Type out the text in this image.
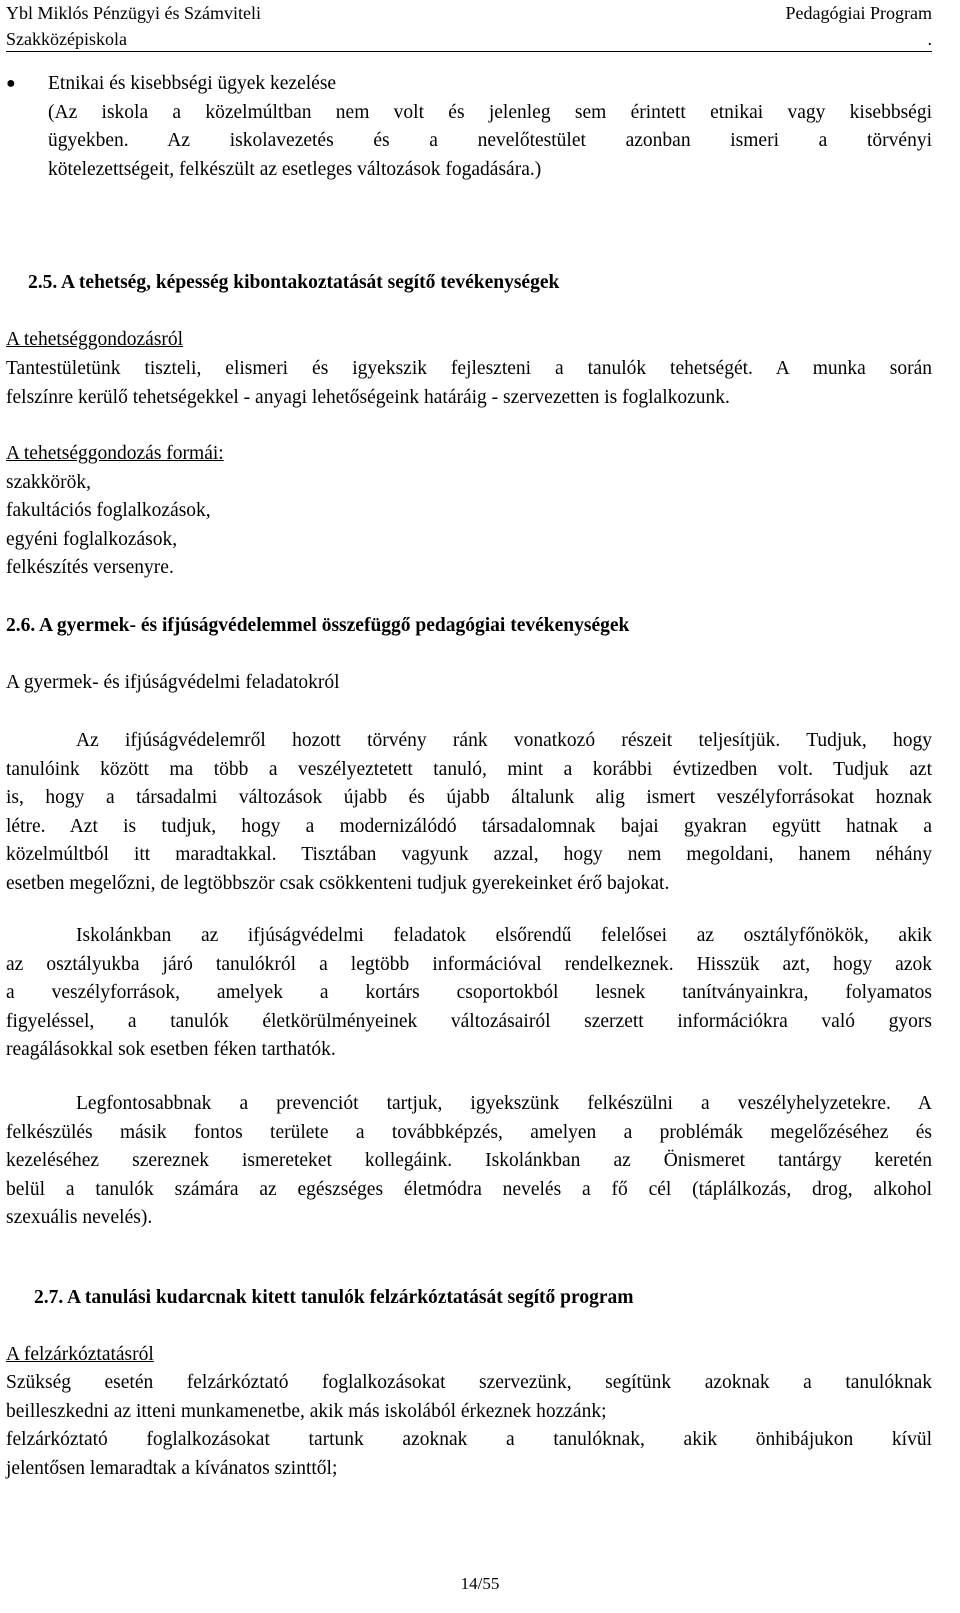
Ybl Miklós Pénzügyi és Számviteli
Szakközépiskola
Pedagógiai Program
.
● Etnikai és kisebbségi ügyek kezelése
(Az iskola a közelmúltban nem volt és jelenleg sem érintett etnikai vagy kisebbségi
ügyekben. Az iskolavezetés és a nevelőtestület azonban ismeri a törvényi
kötelezettségeit, felkészült az esetleges változások fogadására.)
2.5. A tehetség, képesség kibontakoztatását segítő tevékenységek
A tehetséggondozásról
Tantestületünk tiszteli, elismeri és igyekszik fejleszteni a tanulók tehetségét. A munka során
felszínre kerülő tehetségekkel - anyagi lehetőségeink határáig - szervezetten is foglalkozunk.
A tehetséggondozás formái:
szakkörök,
fakultációs foglalkozások,
egyéni foglalkozások,
felkészítés versenyre.
2.6. A gyermek- és ifjúságvédelemmel összefüggő pedagógiai tevékenységek
A gyermek- és ifjúságvédelmi feladatokról
Az ifjúságvédelemről hozott törvény ránk vonatkozó részeit teljesítjük. Tudjuk, hogy
tanulóink között ma több a veszélyeztetett tanuló, mint a korábbi évtizedben volt. Tudjuk azt
is, hogy a társadalmi változások újabb és újabb általunk alig ismert veszélyforrásokat hoznak
létre. Azt is tudjuk, hogy a modernizálódó társadalomnak bajai gyakran együtt hatnak a
közelmúltból itt maradtakkal. Tisztában vagyunk azzal, hogy nem megoldani, hanem néhány
esetben megelőzni, de legtöbbször csak csökkenteni tudjuk gyerekeinket érő bajokat.
Iskolánkban az ifjúságvédelmi feladatok elsőrendű felelősei az osztályfőnökök, akik
az osztályukba járó tanulókról a legtöbb információval rendelkeznek. Hisszük azt, hogy azok
a veszélyforrások, amelyek a kortárs csoportokból lesnek tanítványainkra, folyamatos
figyeléssel, a tanulók életkörülményeinek változásairól szerzett információkra való gyors
reagálásokkal sok esetben féken tarthatók.
Legfontosabbnak a prevenciót tartjuk, igyekszünk felkészülni a veszélyhelyzetekre. A
felkészülés másik fontos területe a továbbképzés, amelyen a problémák megelőzéséhez és
kezeléséhez szereznek ismereteket kollegáink. Iskolánkban az Önismeret tantárgy keretén
belül a tanulók számára az egészséges életmódra nevelés a fő cél (táplálkozás, drog, alkohol
szexuális nevelés).
2.7. A tanulási kudarcnak kitett tanulók felzárkóztatását segítő program
A felzárkóztatásról
Szükség esetén felzárkóztató foglalkozásokat szervezünk, segítünk azoknak a tanulóknak
beilleszkedni az itteni munkamenetbe, akik más iskolából érkeznek hozzánk;
felzárkóztató foglalkozásokat tartunk azoknak a tanulóknak, akik önhibájukon kívül
jelentősen lemaradtak a kívánatos szinttől;
14/55
